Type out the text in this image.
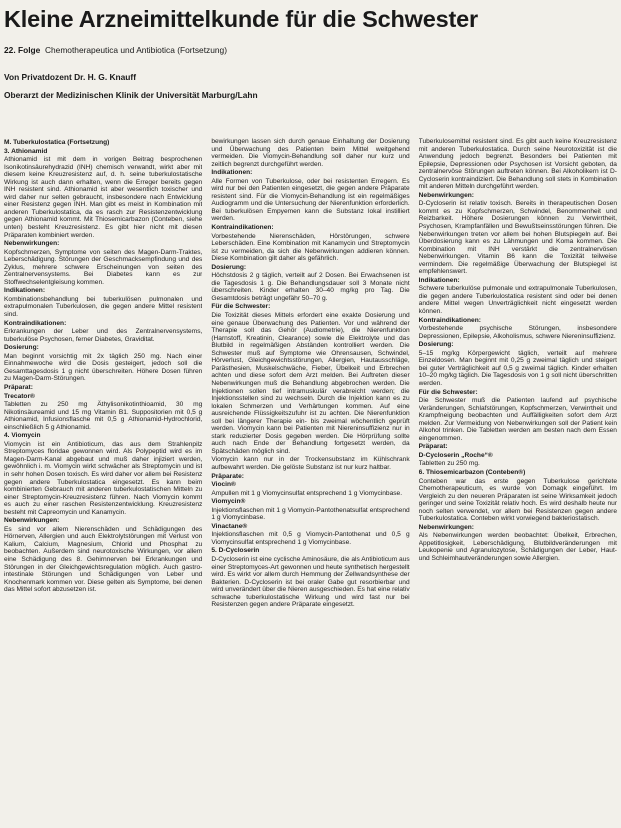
Kleine Arzneimittelkunde für die Schwester
22. Folge Chemotherapeutica und Antibiotica (Fortsetzung)
Von Privatdozent Dr. H. G. Knauff
Oberarzt der Medizinischen Klinik der Universität Marburg/Lahn

M. Tuberkulostatica (Fortsetzung)

3. Athionamid

Athionamid ist mit dem in vorigen Beitrag besprochenen Isonikotinsäurehydrazid (INH) chemisch verwandt, wirkt aber mit diesem keine Kreuzresistenz auf, d. h. seine tuberkulostatische Wirkung ist auch dann erhalten, wenn die Erreger bereits gegen INH resistent sind. Athionamid ist aber wesentlich toxischer und wird daher nur selten gebraucht, insbesondere nach Entwicklung einer Resistenz gegen INH. Man gibt es meist in Kombination mit anderen Tuberkulostatica, da es rasch zur Resistenzentwicklung gegen Athionamid kommt. Mit Thiosemicarbazon (Conteben, siehe unten) besteht Kreuzresistenz. Es gibt hier nicht mit diesen Präparaten kombiniert werden.

Nebenwirkungen:

Kopfschmerzen, Symptome von seiten des Magen-Darm-Traktes, Leberschädigung. Störungen der Geschmacksempfindung und des Zyklus, mehrere schwere Erscheinungen von seiten des Zentralnervensystems. Bei Diabetes kann es zur Stoffwechselentgleisung kommen.

Indikationen:

Kombinationsbehandlung bei tuberkulösen pulmonalen und extrapulmonalen Tuberkulosen, die gegen andere Mittel resistent sind.

Kontraindikationen:

Erkrankungen der Leber und des Zentralnervensystems, tuberkulöse Psychosen, ferner Diabetes, Graviditat.

Dosierung:

Man beginnt vorsichtig mit 2x täglich 250 mg. Nach einer Einnahmewoche wird die Dosis gesteigert, jedoch soll die Gesamttagesdosis 1 g nicht überschreiten. Höhere Dosen führen zu Magen-Darm-Störungen.

Präparat:

Trecator®

Tabletten zu 250 mg Äthylisonikotinthioamid, 30 mg Nikotinsäureamid und 15 mg Vitamin B1. Suppositorien mit 0,5 g Athionamid, Infusionsflasche mit 0,5 g Athionamid-Hydrochlorid, einschließlich 5 g Athionamid.

4. Viomycin

Viomycin ist ein Antibioticum, das aus dem Strahlenpilz Streptomyces floridae gewonnen wird. Als Polypeptid wird es im Magen-Darm-Kanal abgebaut und muß daher injiziert werden, gewöhnlich i. m. Viomycin wirkt schwächer als Streptomycin und ist in sehr hohen Dosen toxisch. Es wird daher vor allem bei Resistenz gegen andere Tuberkulostatica eingesetzt. Es kann beim kombinierten Gebrauch mit anderen tuberkulostatischen Mitteln zu einer Streptomycin-Kreuzresistenz führen. Nach Viomycin kommt es auch zu einer raschen Resistenzentwicklung. Kreuzresistenz besteht mit Capreomycin und Kanamycin.

Nebenwirkungen:

Es sind vor allem Nierenschäden und Schädigungen des Hörnerven, Allergien und auch Elektrolytstörungen mit Verlust von Kalium, Calcium, Magnesium, Chlorid und Phosphat zu beobachten. Außerdem sind neurotoxische Wirkungen, vor allem eine Schädigung des 8. Gehirnnerven bei Erkrankungen und Störungen in der Gleichgewichtsregulation möglich. Auch gastro-intestinale Störungen und Schädigungen von Leber und Knochenmark kommen vor. Diese gelten als Symptome, bei denen das Mittel sofort abzusetzen ist.

bewirkungen lassen sich durch genaue Einhaltung der Dosierung und Überwachung des Patienten beim Mittel weitgehend vermeiden. Die Viomycin-Behandlung soll daher nur kurz und zeitlich begrenzt durchgeführt werden.

Indikationen:

Alle Formen von Tuberkulose, oder bei resistenten Erregern. Es wird nur bei den Patienten eingesetzt, die gegen andere Präparate resistent sind. Für die Viomycin-Behandlung ist ein regelmäßiges Audiogramm und die Untersuchung der Nierenfunktion erforderlich. Bei tuberkulösen Empyemen kann die Substanz lokal instilliert werden.

Kontraindikationen:

Vorbestehende Nierenschäden, Hörstörungen, schwere Leberschäden. Eine Kombination mit Kanamycin und Streptomycin ist zu vermeiden, da sich die Nebenwirkungen addieren können. Diese Kombination gilt daher als gefährlich.

Dosierung:

Höchstdosis 2 g täglich, verteilt auf 2 Dosen. Bei Erwachsenen ist die Tagesdosis 1 g. Die Behandlungsdauer soll 3 Monate nicht überschreiten. Kinder erhalten 30–40 mg/kg pro Tag. Die Gesamtdosis beträgt ungefähr 50–70 g.

Für die Schwester:

Die Toxizität dieses Mittels erfordert eine exakte Dosierung und eine genaue Überwachung des Patienten. Vor und während der Therapie soll das Gehör (Audiometrie), die Nierenfunktion (Harnstoff, Kreatinin, Clearance) sowie die Elektrolyte und das Blutbild in regelmäßigen Abständen kontrolliert werden. Die Schwester muß auf Symptome wie Ohrensausen, Schwindel, Hörverlust, Gleichgewichtsstörungen, Allergien, Hautausschläge, Parästhesien, Muskelschwäche, Fieber, Übelkeit und Erbrechen achten und diese sofort dem Arzt melden. Bei Auftreten dieser Nebenwirkungen muß die Behandlung abgebrochen werden. Die Injektionen sollen tief intramuskulär verabreicht werden; die Injektionsstellen sind zu wechseln. Durch die Injektion kann es zu lokalen Schmerzen und Verhärtungen kommen. Auf eine ausreichende Flüssigkeitszufuhr ist zu achten. Die Nierenfunktion soll bei längerer Therapie ein- bis zweimal wöchentlich geprüft werden. Viomycin kann bei Patienten mit Niereninsuffizienz nur in stark reduzierter Dosis gegeben werden. Die Hörprüfung sollte auch nach Ende der Behandlung fortgesetzt werden, da Spätschäden möglich sind.

Viomycin kann nur in der Trockensubstanz im Kühlschrank aufbewahrt werden. Die gelöste Substanz ist nur kurz haltbar.

Präparate:

Viocin®

Ampullen mit 1 g Viomycinsulfat entsprechend 1 g Viomycinbase.

Viomycin®

Injektionsflaschen mit 1 g Viomycin-Pantothenatsulfat entsprechend 1 g Viomycinbase.

Vinactane®

Injektionsflaschen mit 0,5 g Viomycin-Pantothenat und 0,5 g Viomycinsulfat entsprechend 1 g Viomycinbase.

5. D-Cycloserin

D-Cycloserin ist eine cyclische Aminosäure, die als Antibioticum aus einer Streptomyces-Art gewonnen und heute synthetisch hergestellt wird. Es wirkt vor allem durch Hemmung der Zellwandsynthese der Bakterien. D-Cycloserin ist bei oraler Gabe gut resorbierbar und wird unverändert über die Nieren ausgeschieden. Es hat eine relativ schwache tuberkulostatische Wirkung und wird fast nur bei Resistenzen gegen andere Präparate eingesetzt.

Tuberkulosemittel resistent sind. Es gibt auch keine Kreuzresistenz mit anderen Tuberkulostatica. Durch seine Neurotoxizität ist die Anwendung jedoch begrenzt. Besonders bei Patienten mit Epilepsie, Depressionen oder Psychosen ist Vorsicht geboten, da zentralnervöse Störungen auftreten können. Bei Alkoholikern ist D-Cycloserin kontraindiziert. Die Behandlung soll stets in Kombination mit anderen Mitteln durchgeführt werden.

Nebenwirkungen:

D-Cycloserin ist relativ toxisch. Bereits in therapeutischen Dosen kommt es zu Kopfschmerzen, Schwindel, Benommenheit und Reizbarkeit. Höhere Dosierungen können zu Verwirrtheit, Psychosen, Krampfanfällen und Bewußtseinsstörungen führen. Die Nebenwirkungen treten vor allem bei hohen Blutspiegeln auf. Bei Überdosierung kann es zu Lähmungen und Koma kommen. Die Kombination mit INH verstärkt die zentralnervösen Nebenwirkungen. Vitamin B6 kann die Toxizität teilweise vermindern. Die regelmäßige Überwachung der Blutspiegel ist empfehlenswert.

Indikationen:

Schwere tuberkulöse pulmonale und extrapulmonale Tuberkulosen, die gegen andere Tuberkulostatica resistent sind oder bei denen andere Mittel wegen Unverträglichkeit nicht eingesetzt werden können.

Kontraindikationen:

Vorbestehende psychische Störungen, insbesondere Depressionen, Epilepsie, Alkoholismus, schwere Niereninsuffizienz.

Dosierung:

5–15 mg/kg Körpergewicht täglich, verteilt auf mehrere Einzeldosen. Man beginnt mit 0,25 g zweimal täglich und steigert bei guter Verträglichkeit auf 0,5 g zweimal täglich. Kinder erhalten 10–20 mg/kg täglich. Die Tagesdosis von 1 g soll nicht überschritten werden.

Für die Schwester:

Die Schwester muß die Patienten laufend auf psychische Veränderungen, Schlafstörungen, Kopfschmerzen, Verwirrtheit und Krampfneigung beobachten und Auffälligkeiten sofort dem Arzt melden. Zur Vermeidung von Nebenwirkungen soll der Patient kein Alkohol trinken. Die Tabletten werden am besten nach dem Essen eingenommen.

Präparat:

D-Cycloserin „Roche“®

Tabletten zu 250 mg.

6. Thiosemicarbazon (Conteben®)

Conteben war das erste gegen Tuberkulose gerichtete Chemotherapeuticum, es wurde von Domagk eingeführt. Im Vergleich zu den neueren Präparaten ist seine Wirksamkeit jedoch geringer und seine Toxizität relativ hoch. Es wird deshalb heute nur noch selten verwendet, vor allem bei Resistenzen gegen andere Tuberkulostatica. Conteben wirkt vorwiegend bakteriostatisch.

Nebenwirkungen:

Als Nebenwirkungen werden beobachtet: Übelkeit, Erbrechen, Appetitlosigkeit, Leberschädigung, Blutbildveränderungen mit Leukopenie und Agranulozytose, Schädigungen der Leber, Haut- und Schleimhautveränderungen sowie Allergien.
